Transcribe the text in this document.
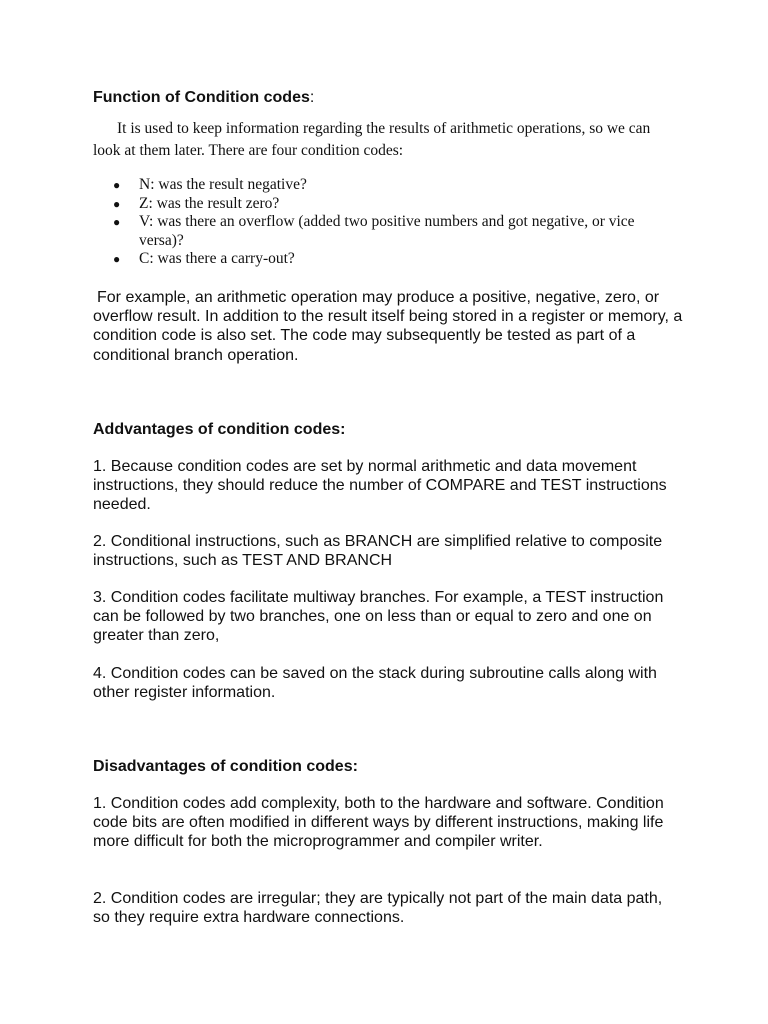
Function of Condition codes:

It is used to keep information regarding the results of arithmetic operations, so we can look at them later. There are four condition codes:

● N: was the result negative?
● Z: was the result zero?
● V: was there an overflow (added two positive numbers and got negative, or vice versa)?
● C: was there a carry-out?

For example, an arithmetic operation may produce a positive, negative, zero, or overflow result. In addition to the result itself being stored in a register or memory, a condition code is also set. The code may subsequently be tested as part of a conditional branch operation.

Addvantages of condition codes:

1. Because condition codes are set by normal arithmetic and data movement instructions, they should reduce the number of COMPARE and TEST instructions needed.

2. Conditional instructions, such as BRANCH are simplified relative to composite instructions, such as TEST AND BRANCH

3. Condition codes facilitate multiway branches. For example, a TEST instruction can be followed by two branches, one on less than or equal to zero and one on greater than zero,

4. Condition codes can be saved on the stack during subroutine calls along with other register information.

Disadvantages of condition codes:

1. Condition codes add complexity, both to the hardware and software. Condition code bits are often modified in different ways by different instructions, making life more difficult for both the microprogrammer and compiler writer.

2. Condition codes are irregular; they are typically not part of the main data path, so they require extra hardware connections.
